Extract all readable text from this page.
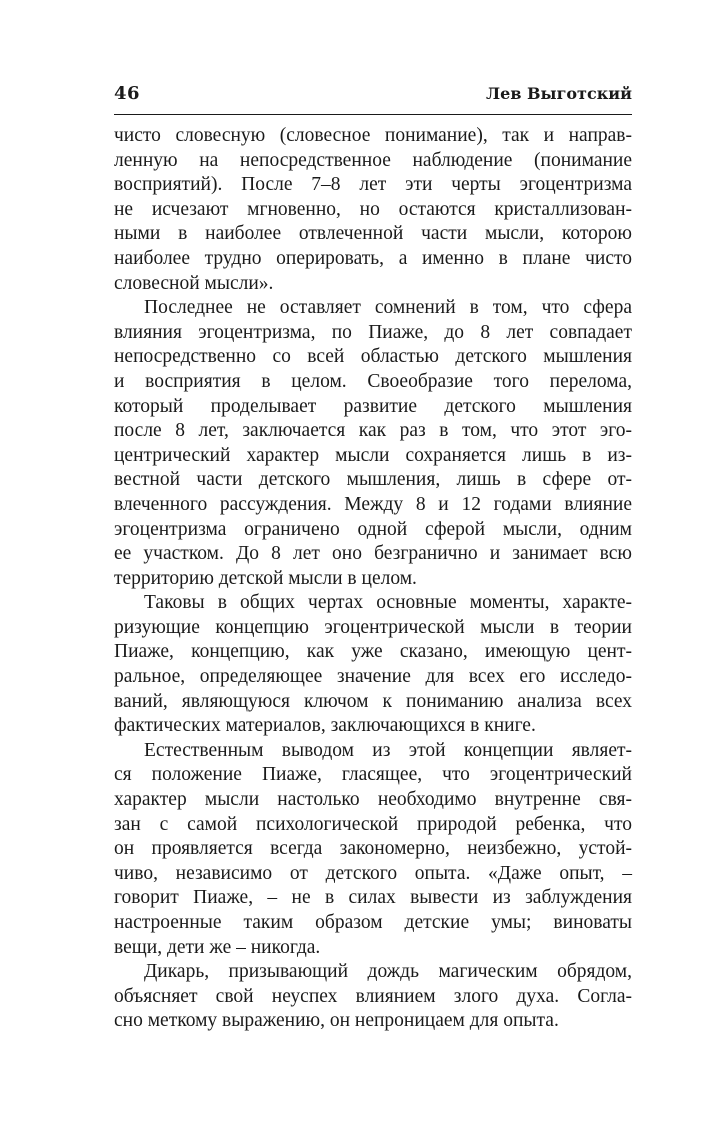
46	Лев Выготский
чисто словесную (словесное понимание), так и направ-
ленную на непосредственное наблюдение (понимание
восприятий). После 7–8 лет эти черты эгоцентризма
не исчезают мгновенно, но остаются кристаллизован-
ными в наиболее отвлеченной части мысли, которою
наиболее трудно оперировать, а именно в плане чисто
словесной мысли».
Последнее не оставляет сомнений в том, что сфера
влияния эгоцентризма, по Пиаже, до 8 лет совпадает
непосредственно со всей областью детского мышления
и восприятия в целом. Своеобразие того перелома,
который проделывает развитие детского мышления
после 8 лет, заключается как раз в том, что этот эго-
центрический характер мысли сохраняется лишь в из-
вестной части детского мышления, лишь в сфере от-
влеченного рассуждения. Между 8 и 12 годами влияние
эгоцентризма ограничено одной сферой мысли, одним
ее участком. До 8 лет оно безгранично и занимает всю
территорию детской мысли в целом.
Таковы в общих чертах основные моменты, характе-
ризующие концепцию эгоцентрической мысли в теории
Пиаже, концепцию, как уже сказано, имеющую цент-
ральное, определяющее значение для всех его исследо-
ваний, являющуюся ключом к пониманию анализа всех
фактических материалов, заключающихся в книге.
Естественным выводом из этой концепции являет-
ся положение Пиаже, гласящее, что эгоцентрический
характер мысли настолько необходимо внутренне свя-
зан с самой психологической природой ребенка, что
он проявляется всегда закономерно, неизбежно, устой-
чиво, независимо от детского опыта. «Даже опыт, –
говорит Пиаже, – не в силах вывести из заблуждения
настроенные таким образом детские умы; виноваты
вещи, дети же – никогда.
Дикарь, призывающий дождь магическим обрядом,
объясняет свой неуспех влиянием злого духа. Согла-
сно меткому выражению, он непроницаем для опыта.
